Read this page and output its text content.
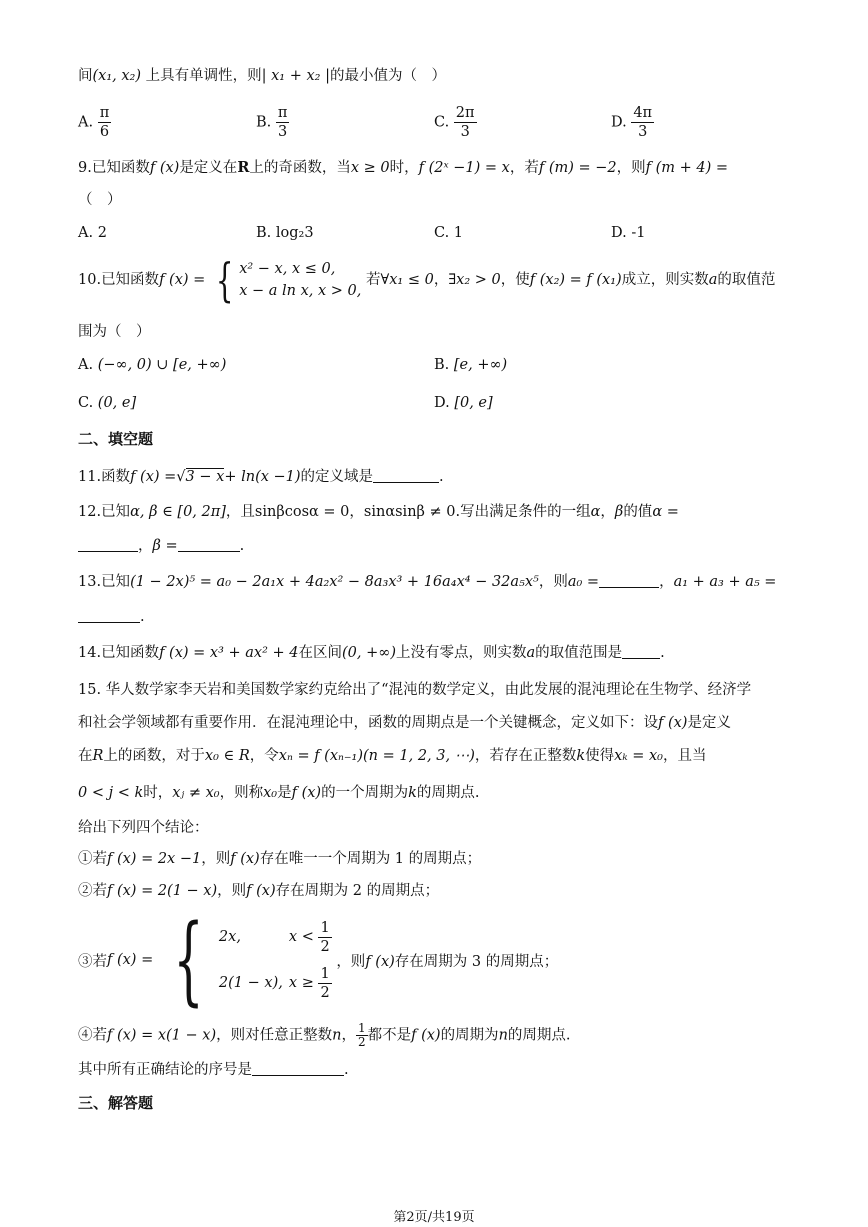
间(x₁, x₂) 上具有单调性，则| x₁ + x₂ |的最小值为（　）
A. $\frac{\pi}{6}$	B. $\frac{\pi}{3}$	C. $\frac{2\pi}{3}$	D. $\frac{4\pi}{3}$
9.已知函数f (x)是定义在R上的奇函数，当x ≥ 0时，f (2ˣ −1) = x，若f (m) = −2，则f (m + 4) =
（　）
A. 2	B. log₂3	C. 1	D. -1
10.已知函数f (x) = { x² − x, x ≤ 0,
x − a ln x, x > 0,
若∀x₁ ≤ 0，∃x₂ > 0，使f (x₂) = f (x₁)成立，则实数a的取值范
围为（　）
A. (−∞, 0) ∪ [e, +∞)	B. [e, +∞)
C. (0, e]	D. [0, e]
二、填空题
11.函数f (x) =√3 − x+ ln(x −1)的定义域是	.
12.已知α, β ∈ [0, 2π]，且sinβcosα = 0，sinαsinβ ≠ 0.写出满足条件的一组α，β的值α =
，β =	.
13.已知(1 − 2x)⁵ = a₀ − 2a₁x + 4a₂x² − 8a₃x³ + 16a₄x⁴ − 32a₅x⁵，则a₀ =	，a₁ + a₃ + a₅ =
.
14.已知函数f (x) = x³ + ax² + 4在区间(0, +∞)上没有零点，则实数a的取值范围是	.
15. 华人数学家李天岩和美国数学家约克给出了“混沌的数学定义，由此发展的混沌理论在生物学、经济学
和社会学领域都有重要作用．在混沌理论中，函数的周期点是一个关键概念，定义如下：设f (x)是定义
在R上的函数，对于x₀ ∈ R，令xₙ = f (xₙ₋₁)(n = 1, 2, 3, ⋯)，若存在正整数k使得xₖ = x₀，且当
0 < j < k时，xⱼ ≠ x₀，则称x₀是f (x)的一个周期为k的周期点.
给出下列四个结论：
①若f (x) = 2x −1，则f (x)存在唯一一个周期为 1 的周期点；
②若f (x) = 2(1 − x)，则f (x)存在周期为 2 的周期点；
③若f (x) = { 2x,	x <
$\frac{1}{2}$
2(1 − x), x ≥
$\frac{1}{2}$
，则f (x)存在周期为 3 的周期点；
④若f (x) = x(1 − x)，则对任意正整数n， $\frac{1}{2}$ 都不是f (x)的周期为n的周期点.
其中所有正确结论的序号是	.
三、解答题
第2页/共19页
